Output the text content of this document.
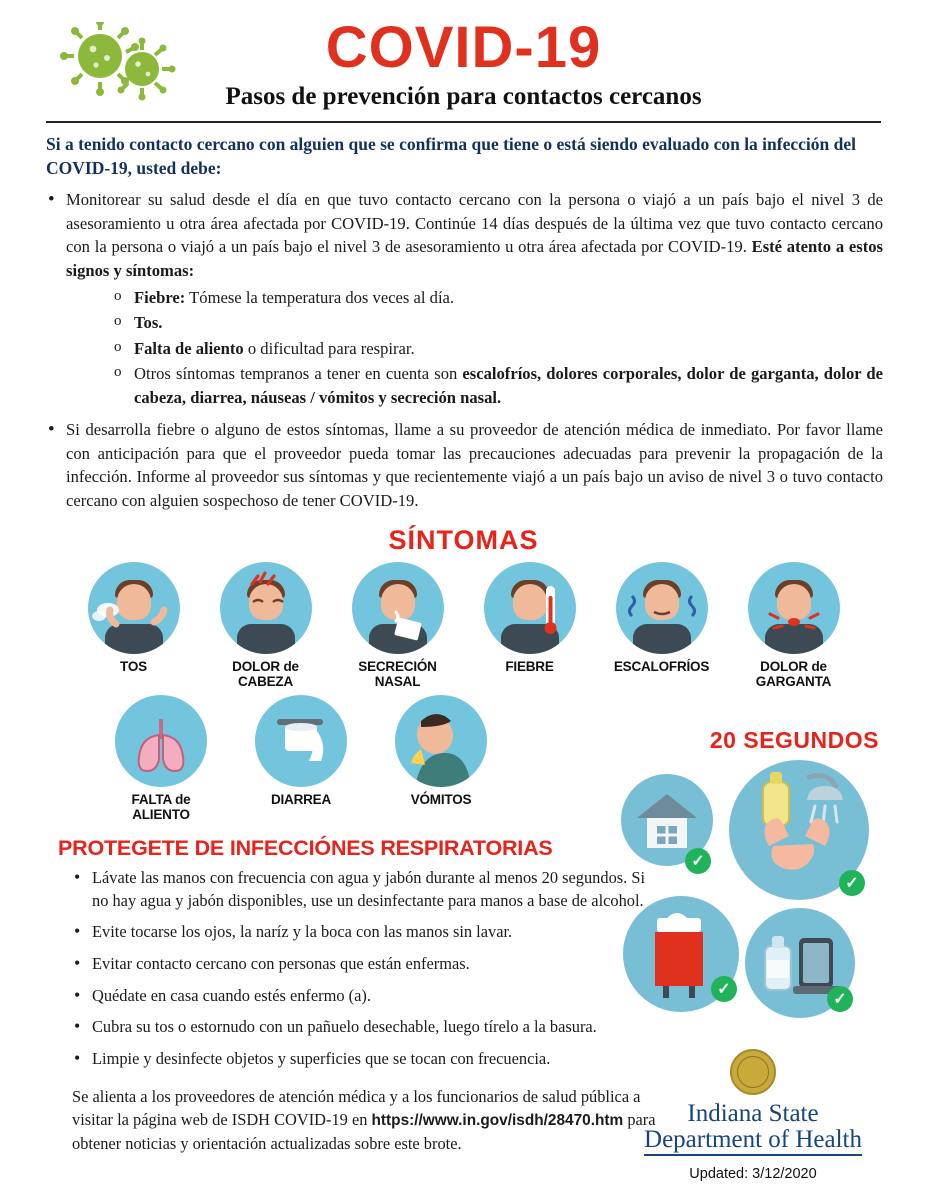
COVID-19
Pasos de prevención para contactos cercanos
Si a tenido contacto cercano con alguien que se confirma que tiene o está siendo evaluado con la infección del COVID-19, usted debe:
• Monitorear su salud desde el día en que tuvo contacto cercano con la persona o viajó a un país bajo el nivel 3 de asesoramiento u otra área afectada por COVID-19. Continúe 14 días después de la última vez que tuvo contacto cercano con la persona o viajó a un país bajo el nivel 3 de asesoramiento u otra área afectada por COVID-19. Esté atento a estos signos y síntomas:
o Fiebre: Tómese la temperatura dos veces al día.
o Tos.
o Falta de aliento o dificultad para respirar.
o Otros síntomas tempranos a tener en cuenta son escalofríos, dolores corporales, dolor de garganta, dolor de cabeza, diarrea, náuseas / vómitos y secreción nasal.
• Si desarrolla fiebre o alguno de estos síntomas, llame a su proveedor de atención médica de inmediato. Por favor llame con anticipación para que el proveedor pueda tomar las precauciones adecuadas para prevenir la propagación de la infección. Informe al proveedor sus síntomas y que recientemente viajó a un país bajo un aviso de nivel 3 o tuvo contacto cercano con alguien sospechoso de tener COVID-19.
SÍNTOMAS
TOS	DOLOR de
CABEZA
SECRECIÓN
NASAL
FIEBRE	ESCALOFRÍOS	DOLOR de
GARGANTA
FALTA de
ALIENTO
DIARREA	VÓMITOS
20 SEGUNDOS
✓
✓
✓
✓
PROTEGETE DE INFECCIÓNES RESPIRATORIAS
• Lávate las manos con frecuencia con agua y jabón durante al menos 20 segundos. Si no hay agua y jabón disponibles, use un desinfectante para manos a base de alcohol.
• Evite tocarse los ojos, la naríz y la boca con las manos sin lavar.
• Evitar contacto cercano con personas que están enfermas.
• Quédate en casa cuando estés enfermo (a).
• Cubra su tos o estornudo con un pañuelo desechable, luego tírelo a la basura.
• Limpie y desinfecte objetos y superficies que se tocan con frecuencia.
Se alienta a los proveedores de atención médica y a los funcionarios de salud pública a visitar la página web de ISDH COVID-19 en https://www.in.gov/isdh/28470.htm para obtener noticias y orientación actualizadas sobre este brote.
Indiana State
Department of Health
Updated: 3/12/2020
